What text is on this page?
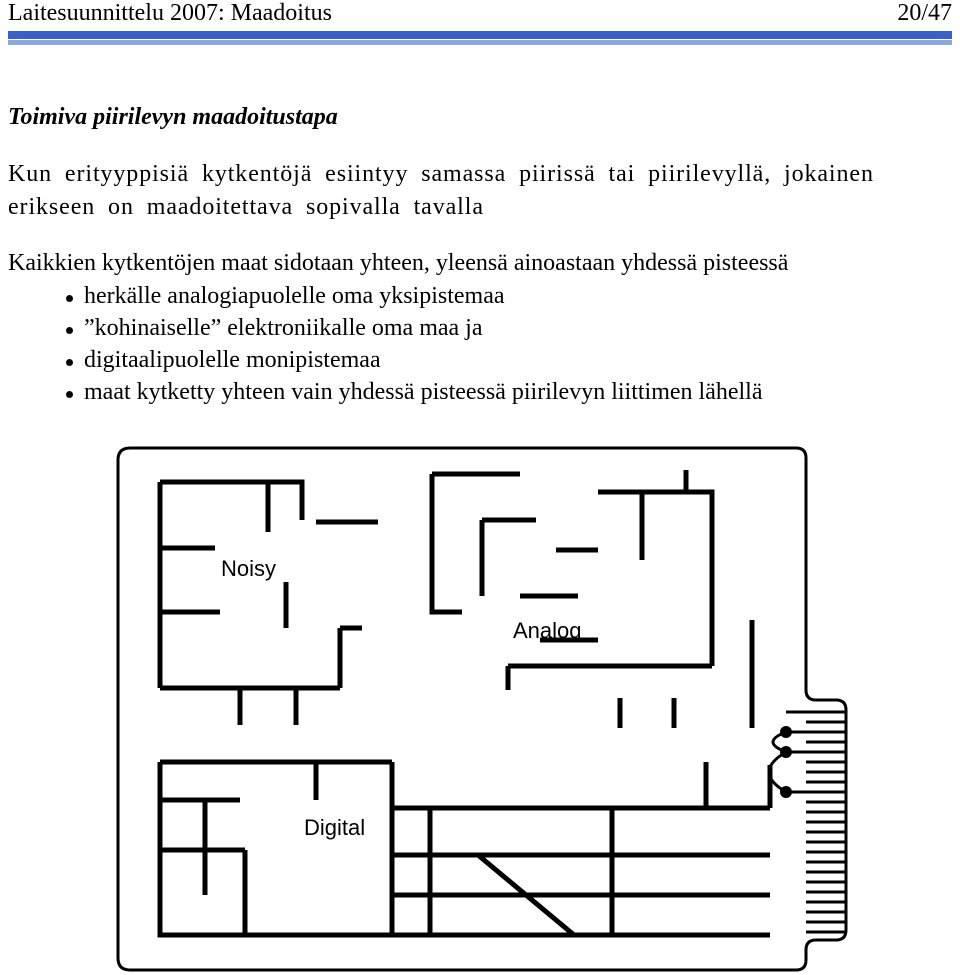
Laitesuunnittelu 2007: Maadoitus	20/47
Toimiva piirilevyn maadoitustapa
Kun erityyppisiä kytkentöjä esiintyy samassa piirissä tai piirilevyllä, jokainen
erikseen on maadoitettava sopivalla tavalla
Kaikkien kytkentöjen maat sidotaan yhteen, yleensä ainoastaan yhdessä pisteessä
herkälle analogiapuolelle oma yksipistemaa
”kohinaiselle” elektroniikalle oma maa ja
digitaalipuolelle monipistemaa
maat kytketty yhteen vain yhdessä pisteessä piirilevyn liittimen lähellä
Noisy
Analog
Digital
